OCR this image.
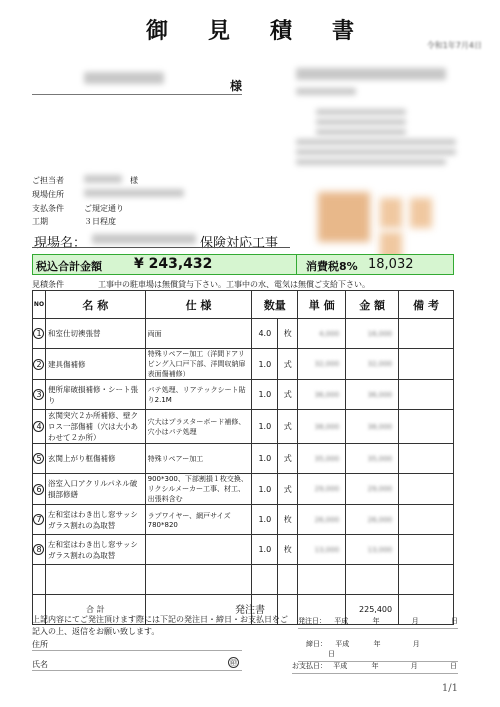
御見積書
令和1年7月4日
様

ご担当者	様
現場住所
支払条件	ご規定通り
工期	３日程度
現場名：	保険対応工事
税込合計金額 ¥ 243,432	消費税8% 18,032
見積条件	工事中の駐車場は無償貸与下さい。工事中の水、電気は無償ご支給下さい。
NO	名 称	仕 様	数量		単 価	金 額	備 考
1	和室仕切襖張替	両面	4.0	枚	4,000	16,000	
2	建具傷補修	特殊リペアー加工（洋間ドアリビング入口戸下部、洋間収納扉表面傷補修）	1.0	式	32,000	32,000	
3	便所扉破損補修・シート張り	パテ処理、リアテックシート貼り2.1M	1.0	式	36,000	36,000	
4	玄関突穴２か所補修、壁クロス一部傷補（穴は大小あわせて２か所）	穴大はプラスターボード補修、穴小はパテ処理	1.0	式	38,000	38,000	
5	玄関上がり框傷補修	特殊リペアー加工	1.0	式	35,000	35,000	
6	浴室入口アクリルパネル破損部修繕	900*300、下部割損１枚交換、リクシルメーカー工事、材工、出張料含む	1.0	式	29,000	29,000	
7	左和室はわき出し窓サッシガラス割れの為取替	ラプワイヤー、網戸サイズ780*820	1.0	枚	26,000	26,000	
8	左和室はわき出し窓サッシガラス割れの為取替		1.0	枚	13,000	13,000	

	合 計					225,400	
発注書
上記内容にてご発注頂けます際には下記の発注日・締日・お支払日をご記入の上、返信をお願い致します。
住所
氏名	㊞
発注日： 平成	年	月	日
締日： 平成	年	月 日
お支払日： 平成	年	月	日
1/1
